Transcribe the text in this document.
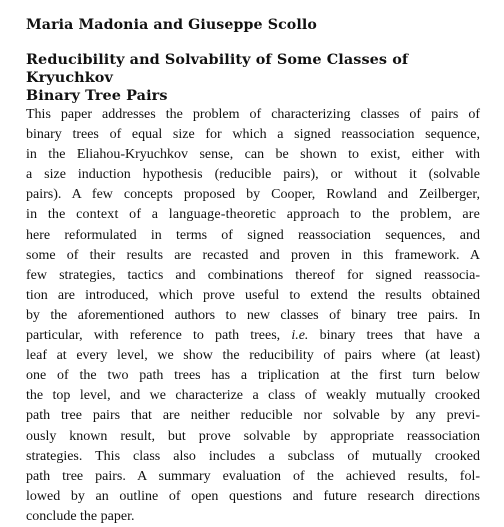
Maria Madonia and Giuseppe Scollo
Reducibility and Solvability of Some Classes of Kryuchkov
Binary Tree Pairs
This paper addresses the problem of characterizing classes of pairs of
binary trees of equal size for which a signed reassociation sequence,
in the Eliahou-Kryuchkov sense, can be shown to exist, either with
a size induction hypothesis (reducible pairs), or without it (solvable
pairs). A few concepts proposed by Cooper, Rowland and Zeilberger,
in the context of a language-theoretic approach to the problem, are
here reformulated in terms of signed reassociation sequences, and
some of their results are recasted and proven in this framework. A
few strategies, tactics and combinations thereof for signed reassocia-
tion are introduced, which prove useful to extend the results obtained
by the aforementioned authors to new classes of binary tree pairs. In
particular, with reference to path trees, i.e. binary trees that have a
leaf at every level, we show the reducibility of pairs where (at least)
one of the two path trees has a triplication at the first turn below
the top level, and we characterize a class of weakly mutually crooked
path tree pairs that are neither reducible nor solvable by any previ-
ously known result, but prove solvable by appropriate reassociation
strategies. This class also includes a subclass of mutually crooked
path tree pairs. A summary evaluation of the achieved results, fol-
lowed by an outline of open questions and future research directions
conclude the paper.
